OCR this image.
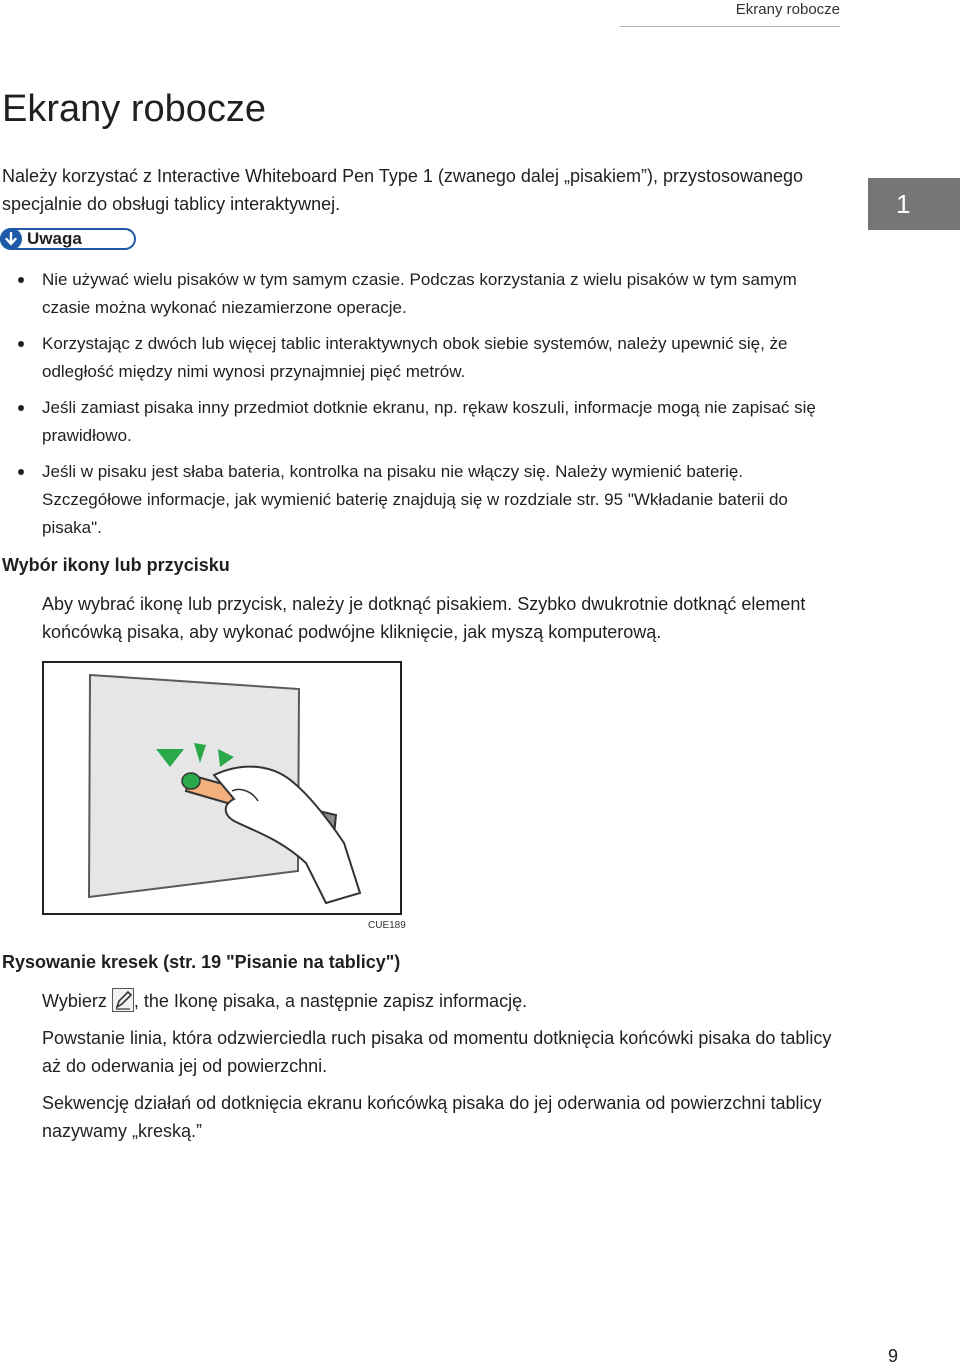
Ekrany robocze
Ekrany robocze

Należy korzystać z Interactive Whiteboard Pen Type 1 (zwanego dalej „pisakiem”), przystosowanego specjalnie do obsługi tablicy interaktywnej.	1
Uwaga
Nie używać wielu pisaków w tym samym czasie. Podczas korzystania z wielu pisaków w tym samym czasie można wykonać niezamierzone operacje.
Korzystając z dwóch lub więcej tablic interaktywnych obok siebie systemów, należy upewnić się, że odległość między nimi wynosi przynajmniej pięć metrów.
Jeśli zamiast pisaka inny przedmiot dotknie ekranu, np. rękaw koszuli, informacje mogą nie zapisać się prawidłowo.
Jeśli w pisaku jest słaba bateria, kontrolka na pisaku nie włączy się. Należy wymienić baterię. Szczegółowe informacje, jak wymienić baterię znajdują się w rozdziale str. 95 "Wkładanie baterii do pisaka".
Wybór ikony lub przycisku

Aby wybrać ikonę lub przycisk, należy je dotknąć pisakiem. Szybko dwukrotnie dotknąć element końcówką pisaka, aby wykonać podwójne kliknięcie, jak myszą komputerową.

CUE189
Rysowanie kresek (str. 19 "Pisanie na tablicy")

Wybierz , the Ikonę pisaka, a następnie zapisz informację.

Powstanie linia, która odzwierciedla ruch pisaka od momentu dotknięcia końcówki pisaka do tablicy aż do oderwania jej od powierzchni.

Sekwencję działań od dotknięcia ekranu końcówką pisaka do jej oderwania od powierzchni tablicy nazywamy „kreską.”

9
